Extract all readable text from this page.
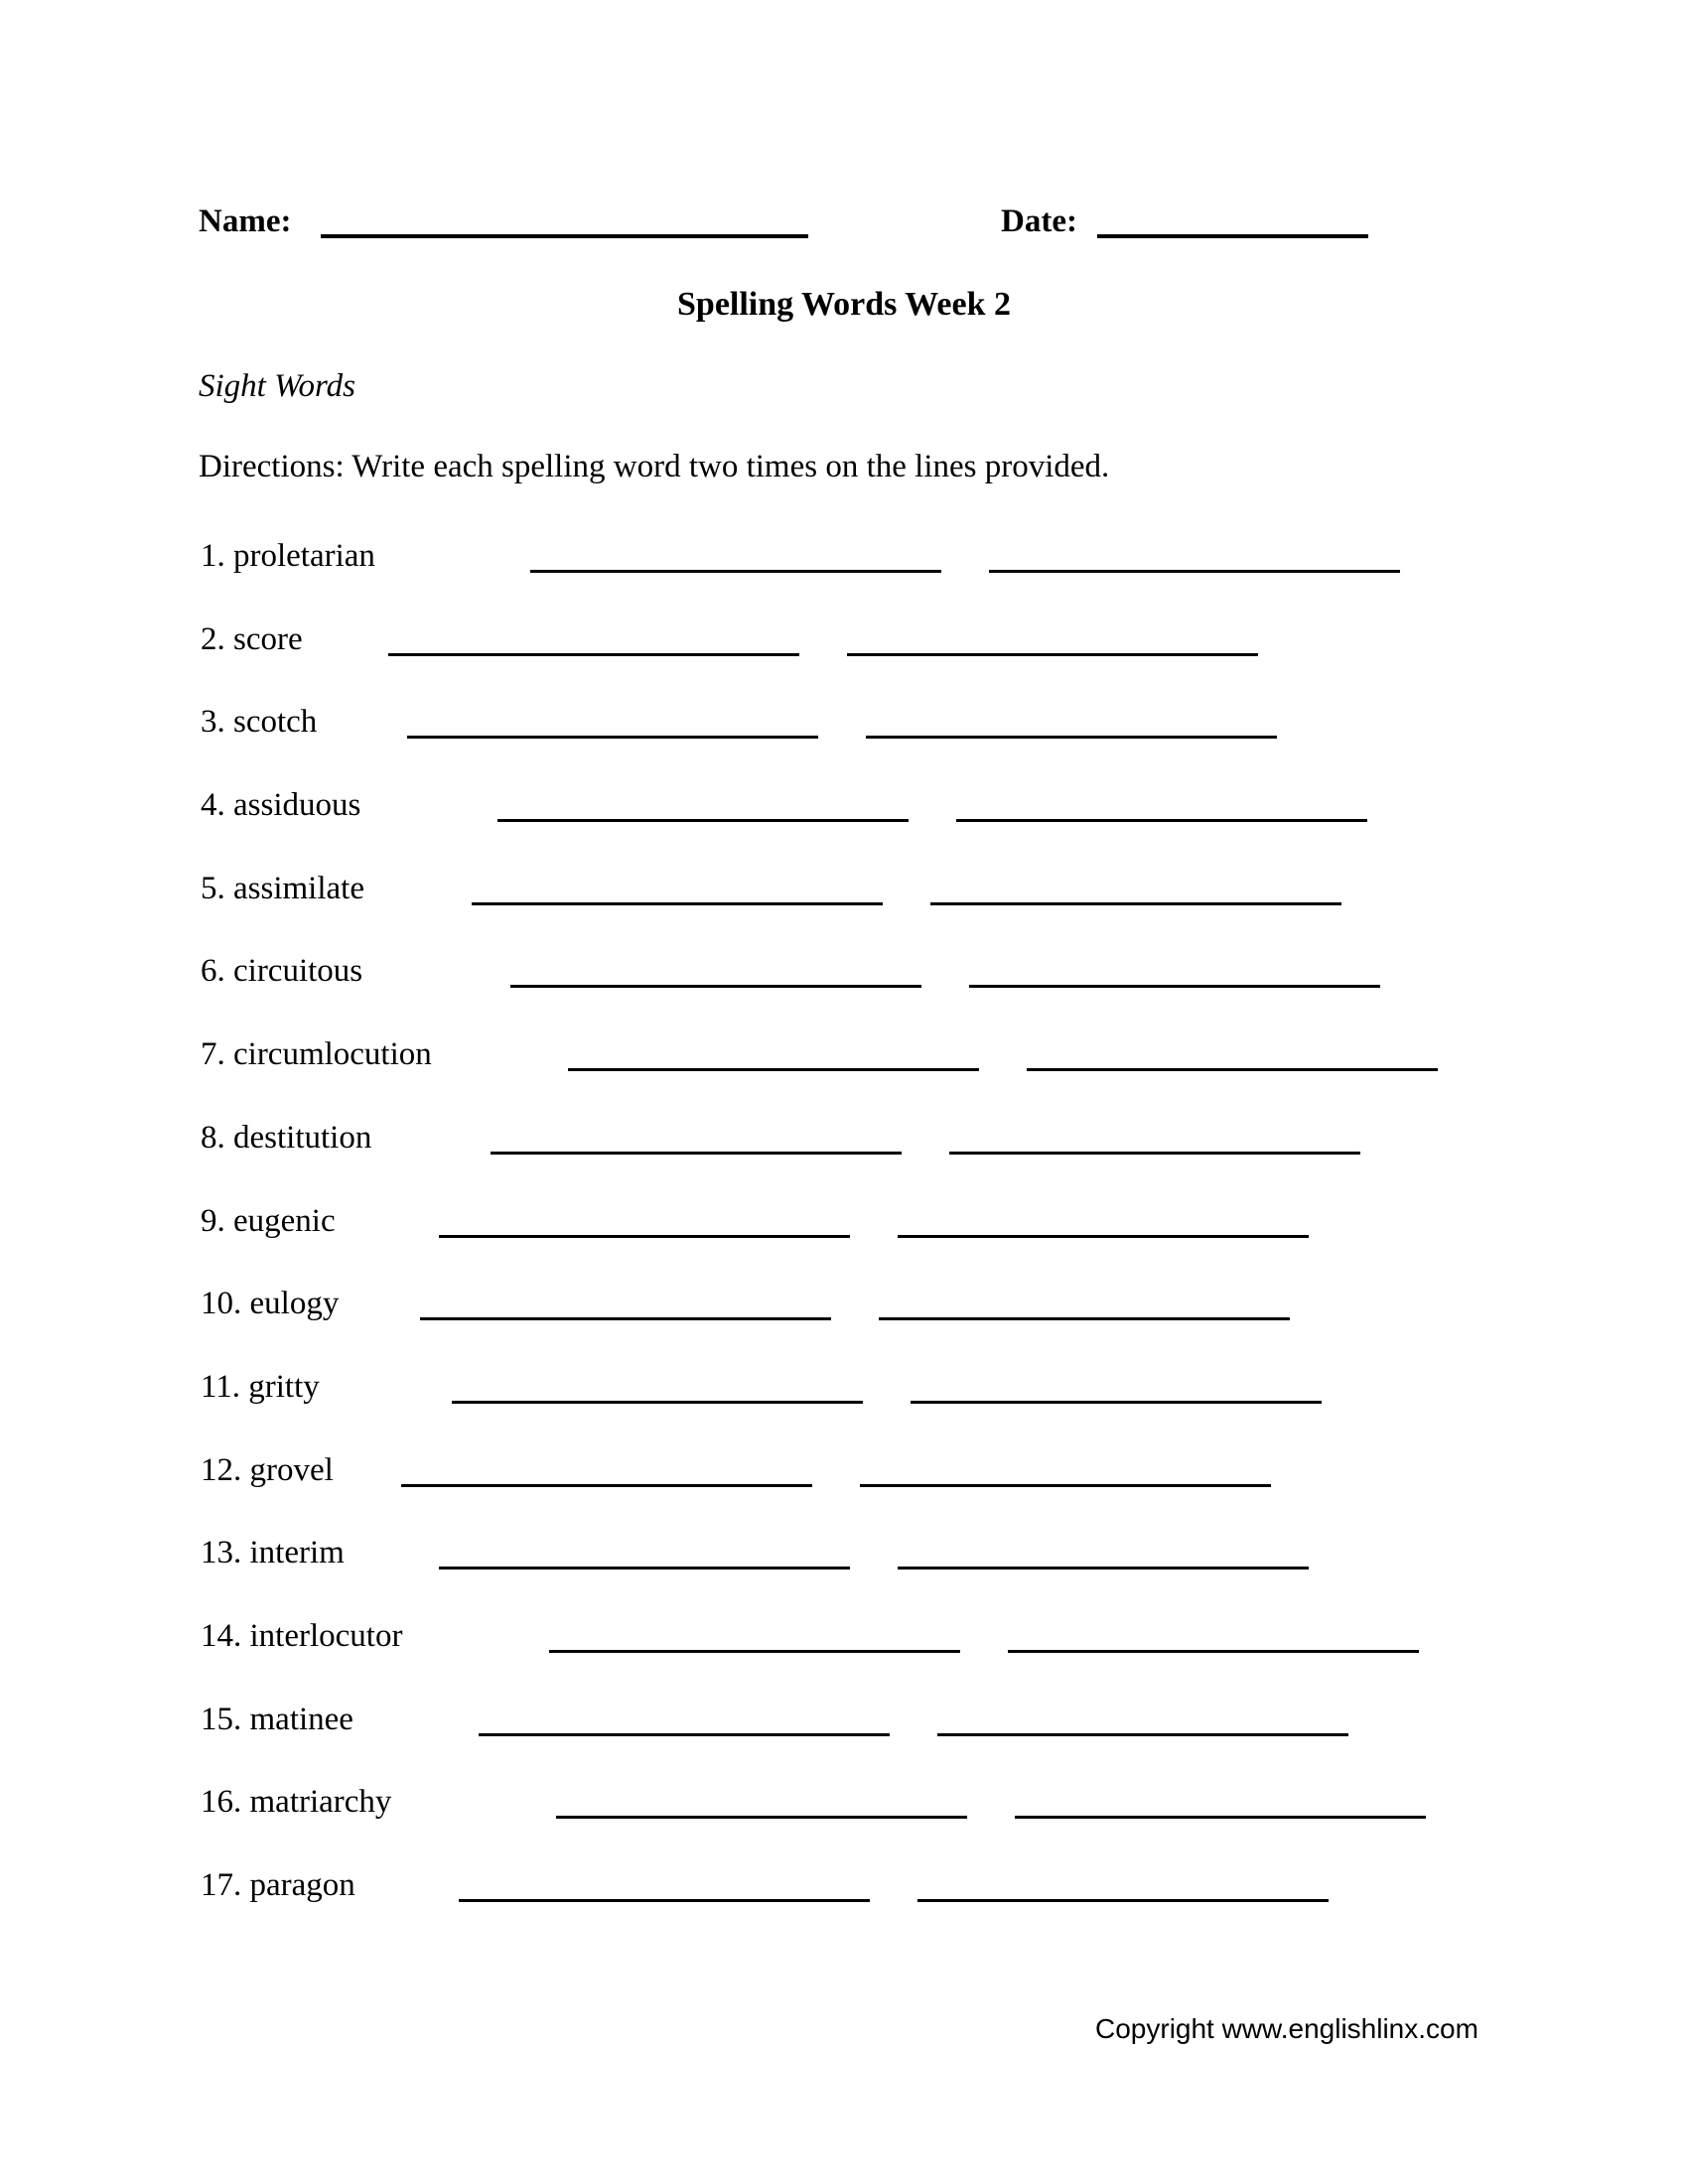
Name:	Date:
Spelling Words Week 2
Sight Words
Directions: Write each spelling word two times on the lines provided.
1. proletarian
2. score
3. scotch
4. assiduous
5. assimilate
6. circuitous
7. circumlocution
8. destitution
9. eugenic
10. eulogy
11. gritty
12. grovel
13. interim
14. interlocutor
15. matinee
16. matriarchy
17. paragon
Copyright www.englishlinx.com
